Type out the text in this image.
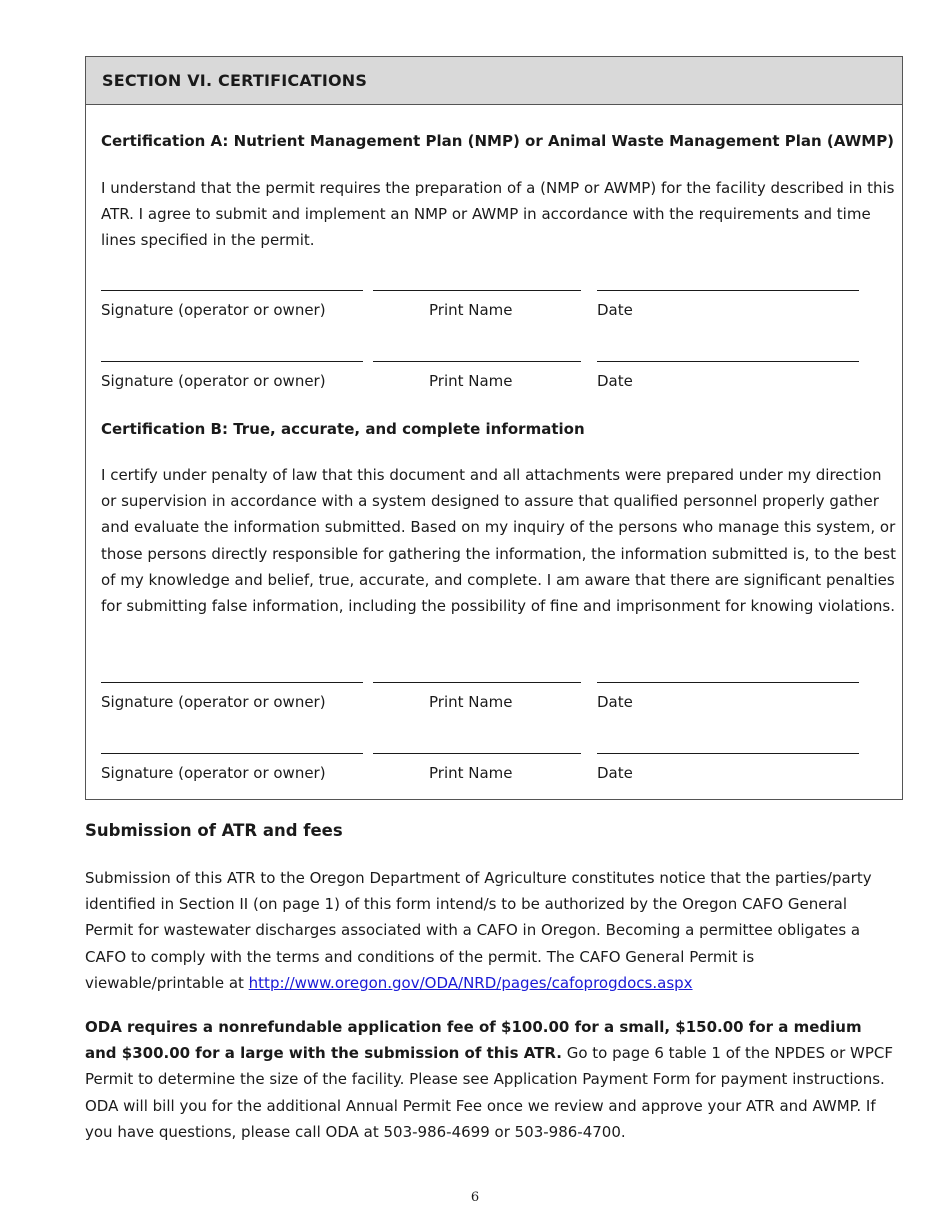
SECTION VI. CERTIFICATIONS
Certification A: Nutrient Management Plan (NMP) or Animal Waste Management Plan (AWMP)
I understand that the permit requires the preparation of a (NMP or AWMP) for the facility described in this ATR. I agree to submit and implement an NMP or AWMP in accordance with the requirements and time lines specified in the permit.
Signature (operator or owner)	Print Name	Date
Signature (operator or owner)	Print Name	Date
Certification B: True, accurate, and complete information
I certify under penalty of law that this document and all attachments were prepared under my direction or supervision in accordance with a system designed to assure that qualified personnel properly gather and evaluate the information submitted. Based on my inquiry of the persons who manage this system, or those persons directly responsible for gathering the information, the information submitted is, to the best of my knowledge and belief, true, accurate, and complete. I am aware that there are significant penalties for submitting false information, including the possibility of fine and imprisonment for knowing violations.
Signature (operator or owner)	Print Name	Date
Signature (operator or owner)	Print Name	Date
Submission of ATR and fees
Submission of this ATR to the Oregon Department of Agriculture constitutes notice that the parties/party identified in Section II (on page 1) of this form intend/s to be authorized by the Oregon CAFO General Permit for wastewater discharges associated with a CAFO in Oregon. Becoming a permittee obligates a CAFO to comply with the terms and conditions of the permit. The CAFO General Permit is viewable/printable at http://www.oregon.gov/ODA/NRD/pages/cafoprogdocs.aspx
ODA requires a nonrefundable application fee of $100.00 for a small, $150.00 for a medium and $300.00 for a large with the submission of this ATR. Go to page 6 table 1 of the NPDES or WPCF Permit to determine the size of the facility. Please see Application Payment Form for payment instructions. ODA will bill you for the additional Annual Permit Fee once we review and approve your ATR and AWMP. If you have questions, please call ODA at 503-986-4699 or 503-986-4700.
6
